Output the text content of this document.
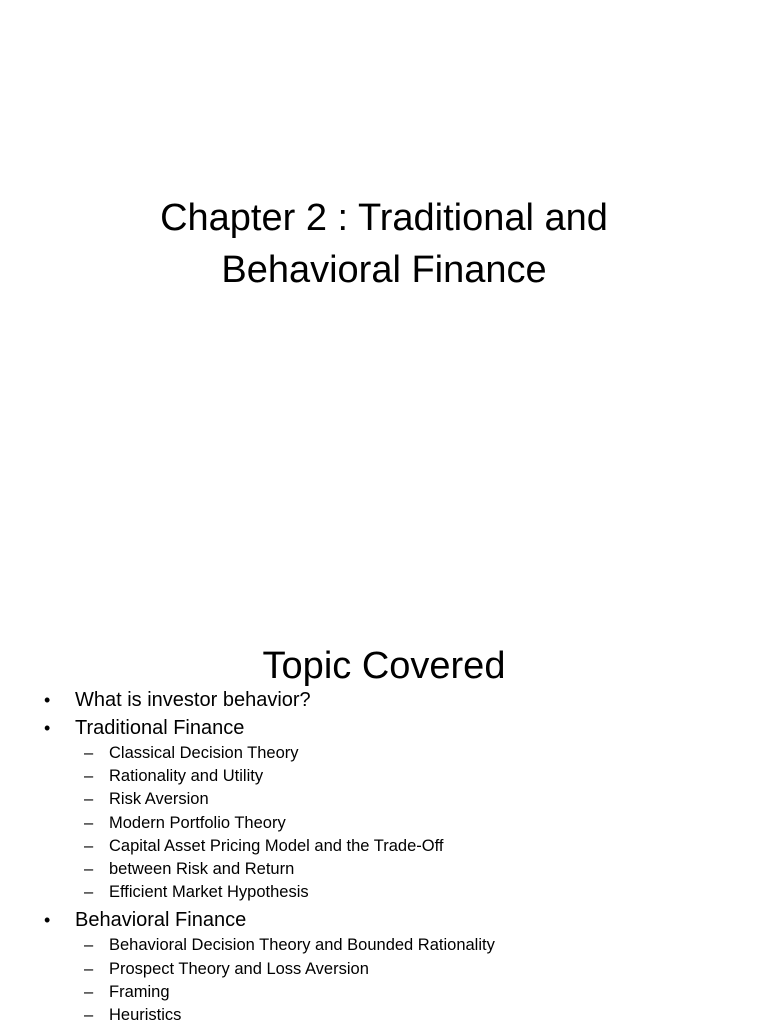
Chapter 2 : Traditional and
Behavioral Finance
Topic Covered
• What is investor behavior?
• Traditional Finance
– Classical Decision Theory
– Rationality and Utility
– Risk Aversion
– Modern Portfolio Theory
– Capital Asset Pricing Model and the Trade-Off
– between Risk and Return
– Efficient Market Hypothesis
• Behavioral Finance
– Behavioral Decision Theory and Bounded Rationality
– Prospect Theory and Loss Aversion
– Framing
– Heuristics
